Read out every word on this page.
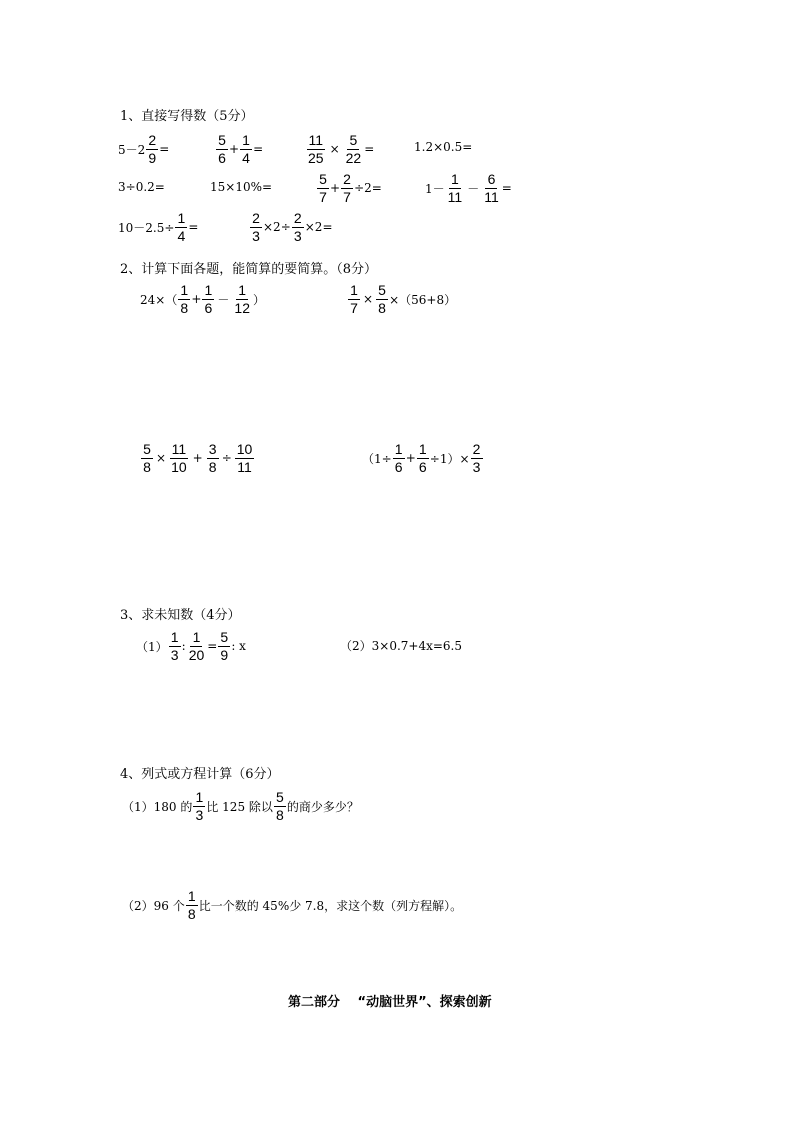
1、直接写得数（5分）
$5-2 \frac{2}{9}$ =	$\frac{5}{6} + \frac{1}{4}$ =	$\frac{11}{25} \times \frac{5}{22}$ =	1.2×0.5=
3÷0.2=	15×10%=	$\frac{5}{7} + \frac{2}{7} \div 2=$	$1- \frac{1}{11} - \frac{6}{11}$ =
$10-2.5\div \frac{1}{4}$ =	$\frac{2}{3} \times 2\div \frac{2}{3} \times 2=$
2、计算下面各题，能简算的要简算。（8分）
$24\times( \frac{1}{8} + \frac{1}{6} - \frac{1}{12}$ ）	$\frac{1}{7} \times \frac{5}{8} \times(56+8)$
$\frac{5}{8} \times \frac{11}{10} + \frac{3}{8} \div \frac{10}{11}$	$(1\div \frac{1}{6} + \frac{1}{6} \div 1)\times \frac{2}{3}$
3、求未知数（4分）
$(1) \frac{1}{3}$ : $\frac{1}{20} = \frac{5}{9}$ : x	（2）3×0.7+4x=6.5
4、列式或方程计算（6分）
（1）180 的 $\frac{1}{3}$ 比 125 除以 $\frac{5}{8}$ 的商少多少？
（2）96 个 $\frac{1}{8}$ 比一个数的 45%少 7.8，求这个数（列方程解）。
第二部分　 “动脑世界”、探索创新
